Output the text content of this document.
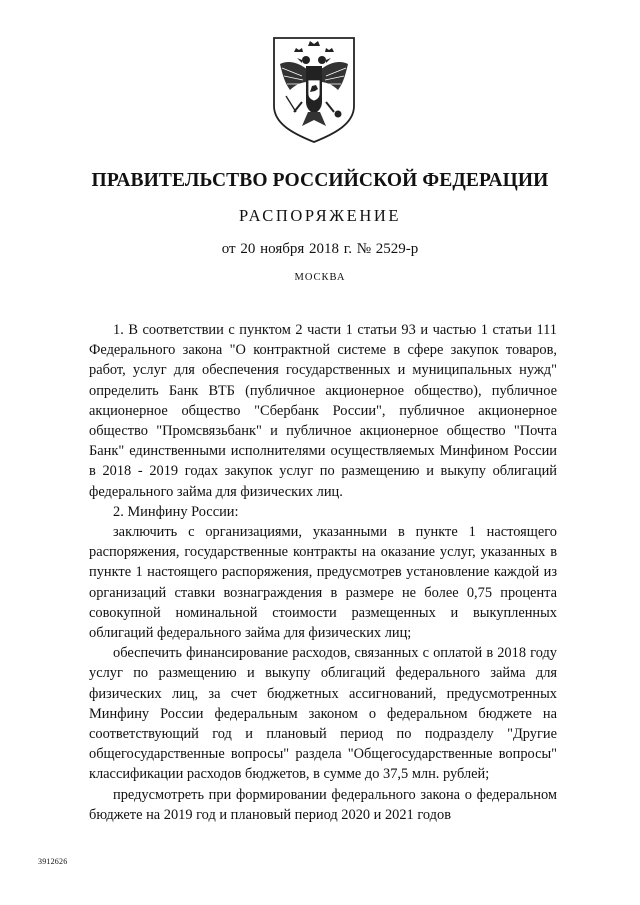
ПРАВИТЕЛЬСТВО РОССИЙСКОЙ ФЕДЕРАЦИИ
РАСПОРЯЖЕНИЕ
от 20 ноября 2018 г. № 2529-р
МОСКВА

1. В соответствии с пунктом 2 части 1 статьи 93 и частью 1 статьи 111 Федерального закона "О контрактной системе в сфере закупок товаров, работ, услуг для обеспечения государственных и муниципальных нужд" определить Банк ВТБ (публичное акционерное общество), публичное акционерное общество "Сбербанк России", публичное акционерное общество "Промсвязьбанк" и публичное акционерное общество "Почта Банк" единственными исполнителями осуществляемых Минфином России в 2018 - 2019 годах закупок услуг по размещению и выкупу облигаций федерального займа для физических лиц.

2. Минфину России:

заключить с организациями, указанными в пункте 1 настоящего распоряжения, государственные контракты на оказание услуг, указанных в пункте 1 настоящего распоряжения, предусмотрев установление каждой из организаций ставки вознаграждения в размере не более 0,75 процента совокупной номинальной стоимости размещенных и выкупленных облигаций федерального займа для физических лиц;

обеспечить финансирование расходов, связанных с оплатой в 2018 году услуг по размещению и выкупу облигаций федерального займа для физических лиц, за счет бюджетных ассигнований, предусмотренных Минфину России федеральным законом о федеральном бюджете на соответствующий год и плановый период по подразделу "Другие общегосударственные вопросы" раздела "Общегосударственные вопросы" классификации расходов бюджетов, в сумме до 37,5 млн. рублей;

предусмотреть при формировании федерального закона о федеральном бюджете на 2019 год и плановый период 2020 и 2021 годов

3912626
